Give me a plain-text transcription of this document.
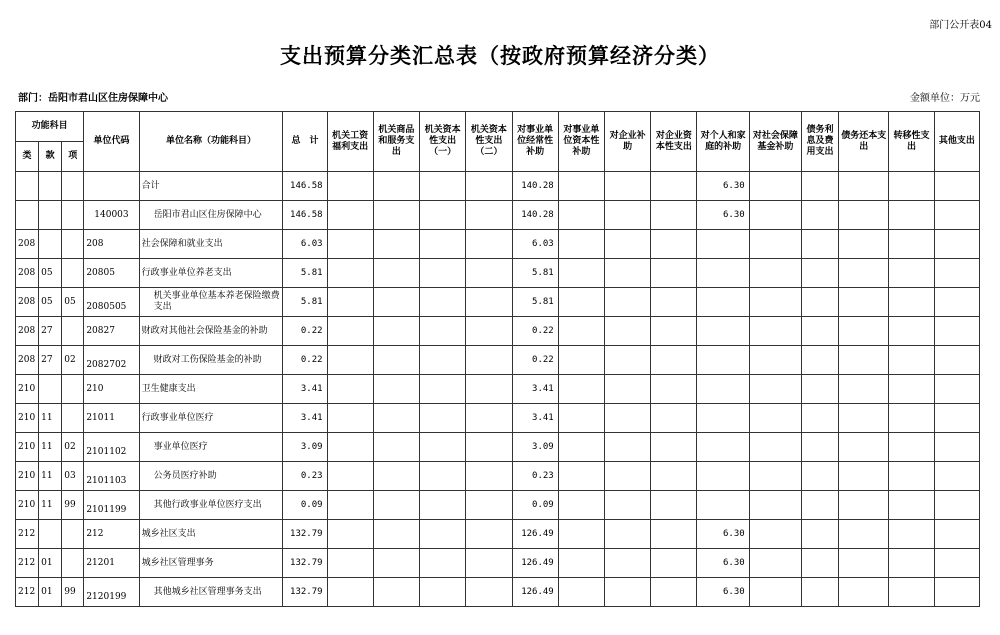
部门公开表04
支出预算分类汇总表（按政府预算经济分类）
部门：岳阳市君山区住房保障中心	金额单位：万元
功能科目			单位代码	单位名称（功能科目）	总　计	机关工资福利支出	机关商品和服务支出	机关资本性支出（一）	机关资本性支出（二）	对事业单位经常性补助	对事业单位资本性补助	对企业补助	对企业资本性支出	对个人和家庭的补助	对社会保障基金补助	债务利息及费用支出	债务还本支出	转移性支出	其他支出
类	款	项																	
				合计	146.58					140.28				6.30					
			140003	岳阳市君山区住房保障中心	146.58					140.28				6.30					
208			208	社会保障和就业支出	6.03					6.03									
208	05		20805	行政事业单位养老支出	5.81					5.81									
208	05	05	2080505	机关事业单位基本养老保险缴费支出	5.81					5.81									
208	27		20827	财政对其他社会保险基金的补助	0.22					0.22									
208	27	02	2082702	财政对工伤保险基金的补助	0.22					0.22									
210			210	卫生健康支出	3.41					3.41									
210	11		21011	行政事业单位医疗	3.41					3.41									
210	11	02	2101102	事业单位医疗	3.09					3.09									
210	11	03	2101103	公务员医疗补助	0.23					0.23									
210	11	99	2101199	其他行政事业单位医疗支出	0.09					0.09									
212			212	城乡社区支出	132.79					126.49				6.30					
212	01		21201	城乡社区管理事务	132.79					126.49				6.30					
212	01	99	2120199	其他城乡社区管理事务支出	132.79					126.49				6.30					
